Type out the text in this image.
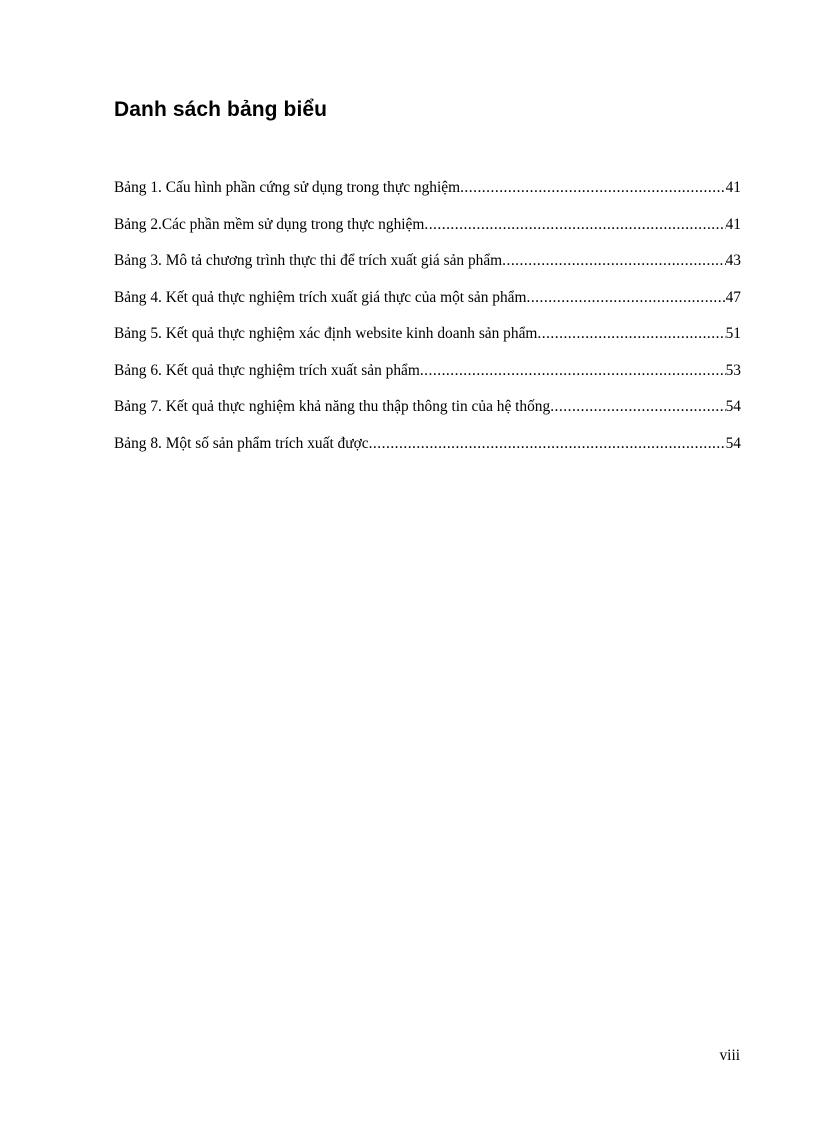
Danh sách bảng biểu
Bảng 1. Cấu hình phần cứng sử dụng trong thực nghiệm .....	41
Bảng 2.Các phần mềm sử dụng trong thực nghiệm .....	41
Bảng 3. Mô tả chương trình thực thi để trích xuất giá sản phẩm .....	43
Bảng 4. Kết quả thực nghiệm trích xuất giá thực của một sản phẩm .....	47
Bảng 5. Kết quả thực nghiệm xác định website kinh doanh sản phẩm .....	51
Bảng 6. Kết quả thực nghiệm trích xuất sản phẩm .....	53
Bảng 7. Kết quả thực nghiệm khả năng thu thập thông tin của hệ thống .....	54
Bảng 8. Một số sản phẩm trích xuất được .....	54
viii
